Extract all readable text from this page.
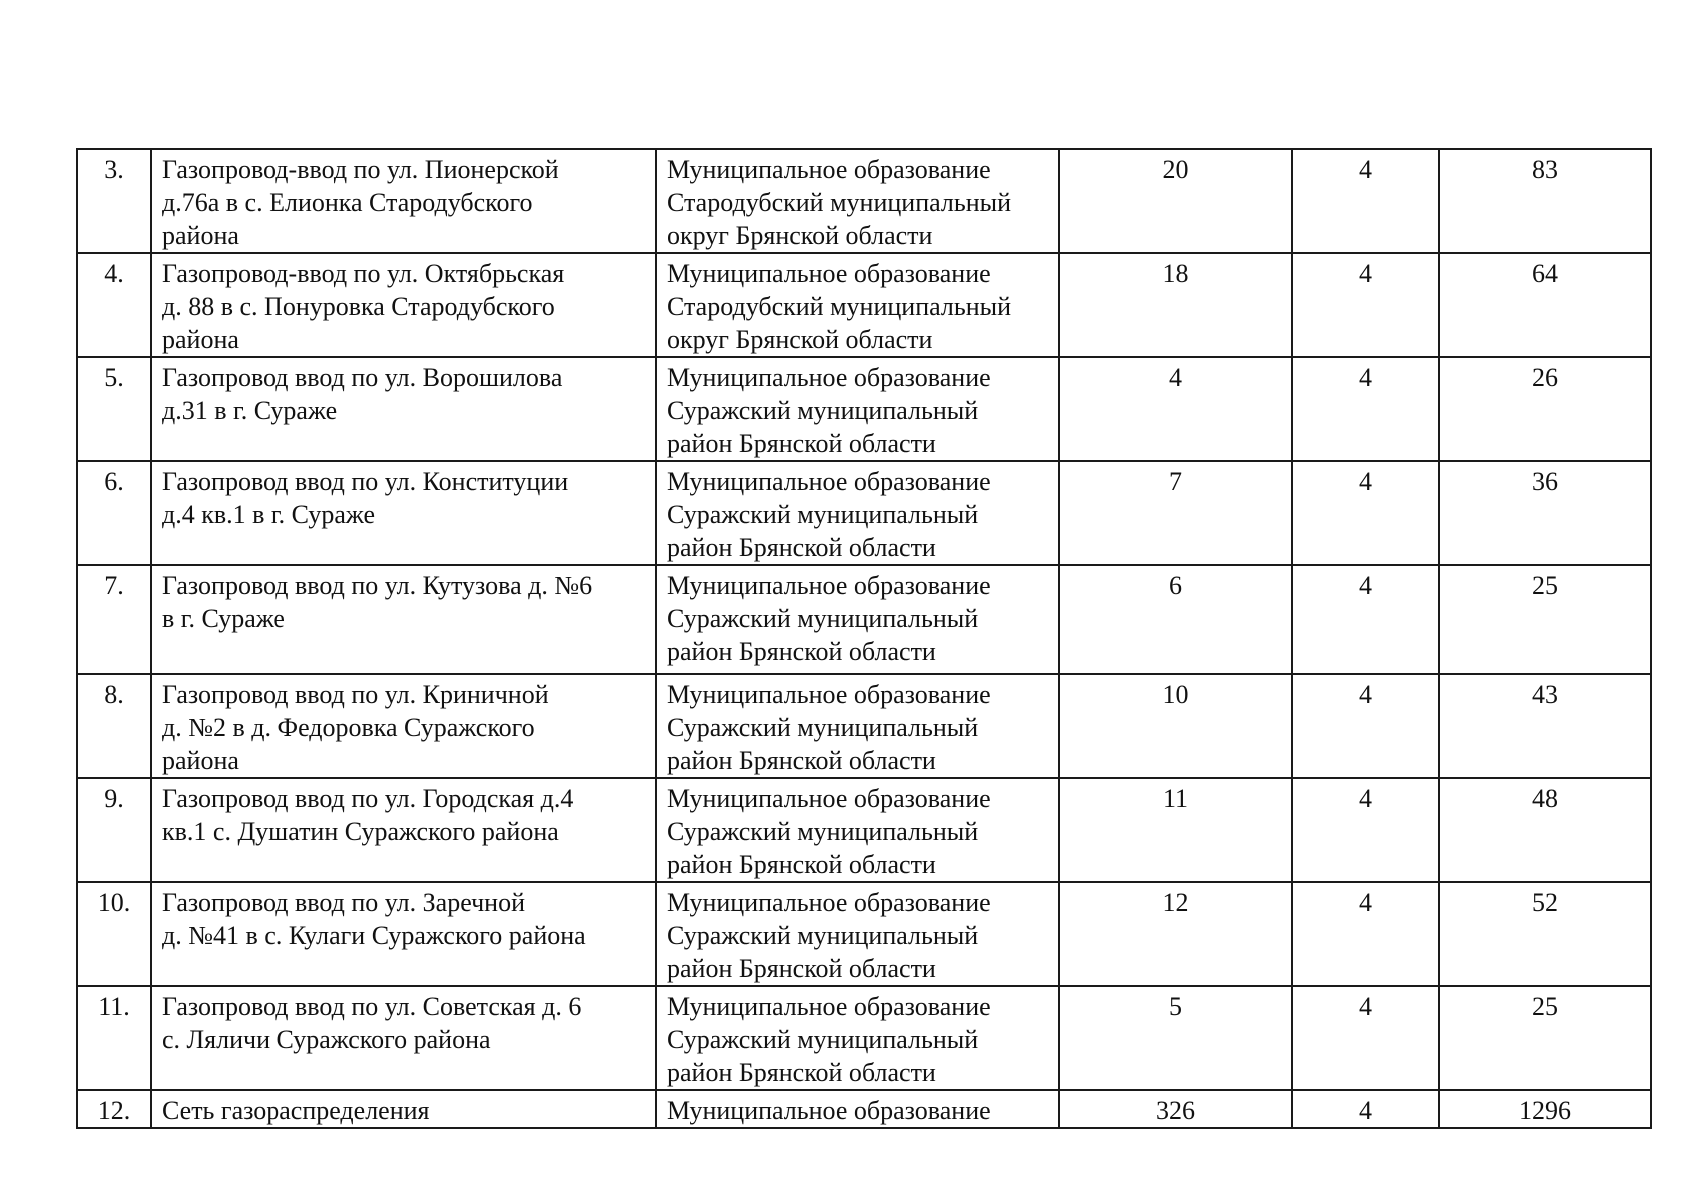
3.	Газопровод-ввод по ул. Пионерской
д.76а в с. Елионка Стародубского
района	Муниципальное образование
Стародубский муниципальный
округ Брянской области	20	4	83
4.	Газопровод-ввод по ул. Октябрьская
д. 88 в с. Понуровка Стародубского
района	Муниципальное образование
Стародубский муниципальный
округ Брянской области	18	4	64
5.	Газопровод ввод по ул. Ворошилова
д.31 в г. Сураже	Муниципальное образование
Суражский муниципальный
район Брянской области	4	4	26
6.	Газопровод ввод по ул. Конституции
д.4 кв.1 в г. Сураже	Муниципальное образование
Суражский муниципальный
район Брянской области	7	4	36
7.	Газопровод ввод по ул. Кутузова д. №6
в г. Сураже	Муниципальное образование
Суражский муниципальный
район Брянской области	6	4	25
8.	Газопровод ввод по ул. Криничной
д. №2 в д. Федоровка Суражского
района	Муниципальное образование
Суражский муниципальный
район Брянской области	10	4	43
9.	Газопровод ввод по ул. Городская д.4
кв.1 с. Душатин Суражского района	Муниципальное образование
Суражский муниципальный
район Брянской области	11	4	48
10.	Газопровод ввод по ул. Заречной
д. №41 в с. Кулаги Суражского района	Муниципальное образование
Суражский муниципальный
район Брянской области	12	4	52
11.	Газопровод ввод по ул. Советская д. 6
с. Ляличи Суражского района	Муниципальное образование
Суражский муниципальный
район Брянской области	5	4	25
12.	Сеть газораспределения	Муниципальное образование	326	4	1296
